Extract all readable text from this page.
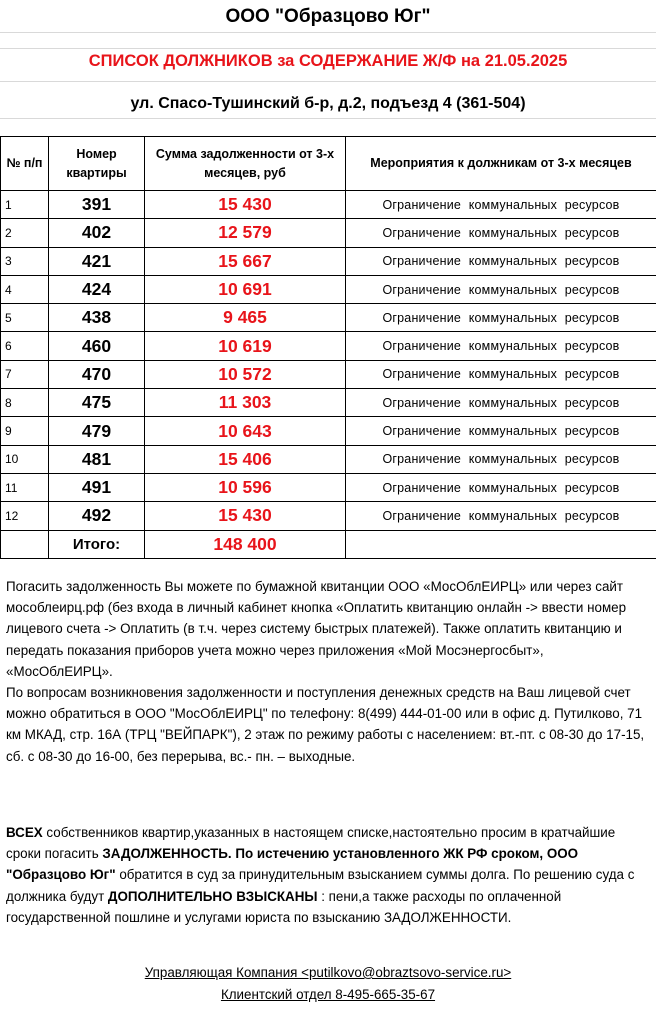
ООО "Образцово Юг"
СПИСОК ДОЛЖНИКОВ за СОДЕРЖАНИЕ Ж/Ф на 21.05.2025
ул. Спасо-Тушинский б-р, д.2, подъезд 4 (361-504)
№ п/п	Номер квартиры	Сумма задолженности от 3-х месяцев, руб	Мероприятия к должникам от 3-х месяцев
1	391	15 430	Ограничение коммунальных ресурсов
2	402	12 579	Ограничение коммунальных ресурсов
3	421	15 667	Ограничение коммунальных ресурсов
4	424	10 691	Ограничение коммунальных ресурсов
5	438	9 465	Ограничение коммунальных ресурсов
6	460	10 619	Ограничение коммунальных ресурсов
7	470	10 572	Ограничение коммунальных ресурсов
8	475	11 303	Ограничение коммунальных ресурсов
9	479	10 643	Ограничение коммунальных ресурсов
10	481	15 406	Ограничение коммунальных ресурсов
11	491	10 596	Ограничение коммунальных ресурсов
12	492	15 430	Ограничение коммунальных ресурсов
	Итого:	148 400	
Погасить задолженность Вы можете по бумажной квитанции ООО «МосОблЕИРЦ» или через сайт мособлеирц.рф (без входа в личный кабинет кнопка «Оплатить квитанцию онлайн -> ввести номер лицевого счета -> Оплатить (в т.ч. через систему быстрых платежей). Также оплатить квитанцию и передать показания приборов учета можно через приложения «Мой Мосэнергосбыт», «МосОблЕИРЦ».
По вопросам возникновения задолженности и поступления денежных средств на Ваш лицевой счет можно обратиться в ООО "МосОблЕИРЦ" по телефону: 8(499) 444-01-00 или в офис д. Путилково, 71 км МКАД, стр. 16А (ТРЦ "ВЕЙПАРК"), 2 этаж по режиму работы с населением: вт.-пт. с 08-30 до 17-15, сб. с 08-30 до 16-00, без перерыва, вс.- пн. – выходные.
ВСЕХ собственников квартир,указанных в настоящем списке,настоятельно просим в кратчайшие сроки погасить ЗАДОЛЖЕННОСТЬ. По истечению установленного ЖК РФ сроком, ООО "Образцово Юг" обратится в суд за принудительным взысканием суммы долга. По решению суда с должника будут ДОПОЛНИТЕЛЬНО ВЗЫСКАНЫ : пени,а также расходы по оплаченной государственной пошлине и услугами юриста по взысканию ЗАДОЛЖЕННОСТИ.
Управляющая Компания <putilkovo@obraztsovo-service.ru>
Клиентский отдел 8-495-665-35-67
